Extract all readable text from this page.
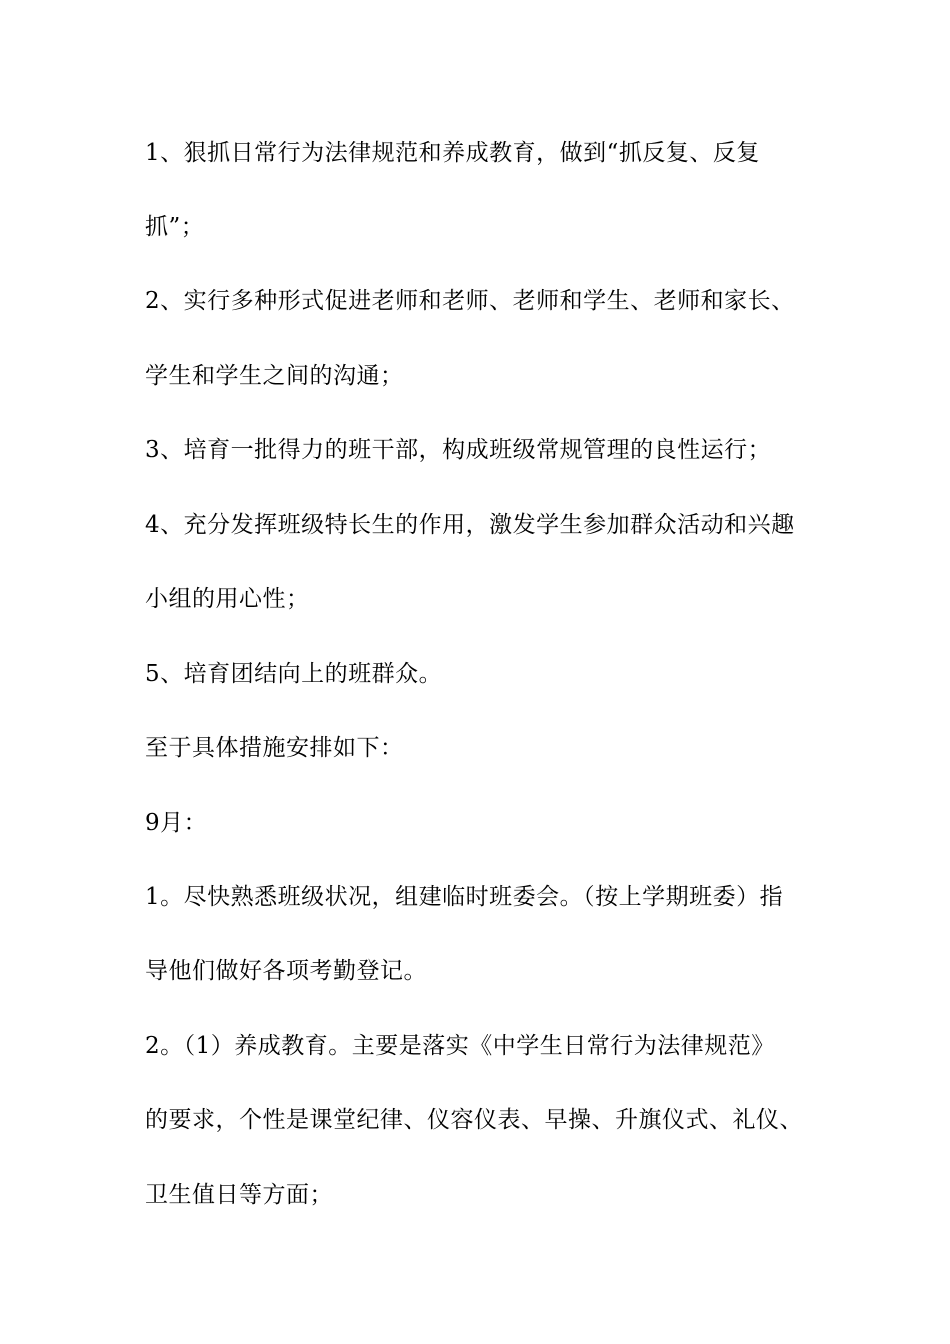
1、狠抓日常行为法律规范和养成教育，做到“抓反复、反复
抓”；
2、实行多种形式促进老师和老师、老师和学生、老师和家长、
学生和学生之间的沟通；
3、培育一批得力的班干部，构成班级常规管理的良性运行；
4、充分发挥班级特长生的作用，激发学生参加群众活动和兴趣
小组的用心性；
5、培育团结向上的班群众。
至于具体措施安排如下：
9月：
1。尽快熟悉班级状况，组建临时班委会。（按上学期班委）指
导他们做好各项考勤登记。
2。（1）养成教育。主要是落实《中学生日常行为法律规范》
的要求，个性是课堂纪律、仪容仪表、早操、升旗仪式、礼仪、
卫生值日等方面；
